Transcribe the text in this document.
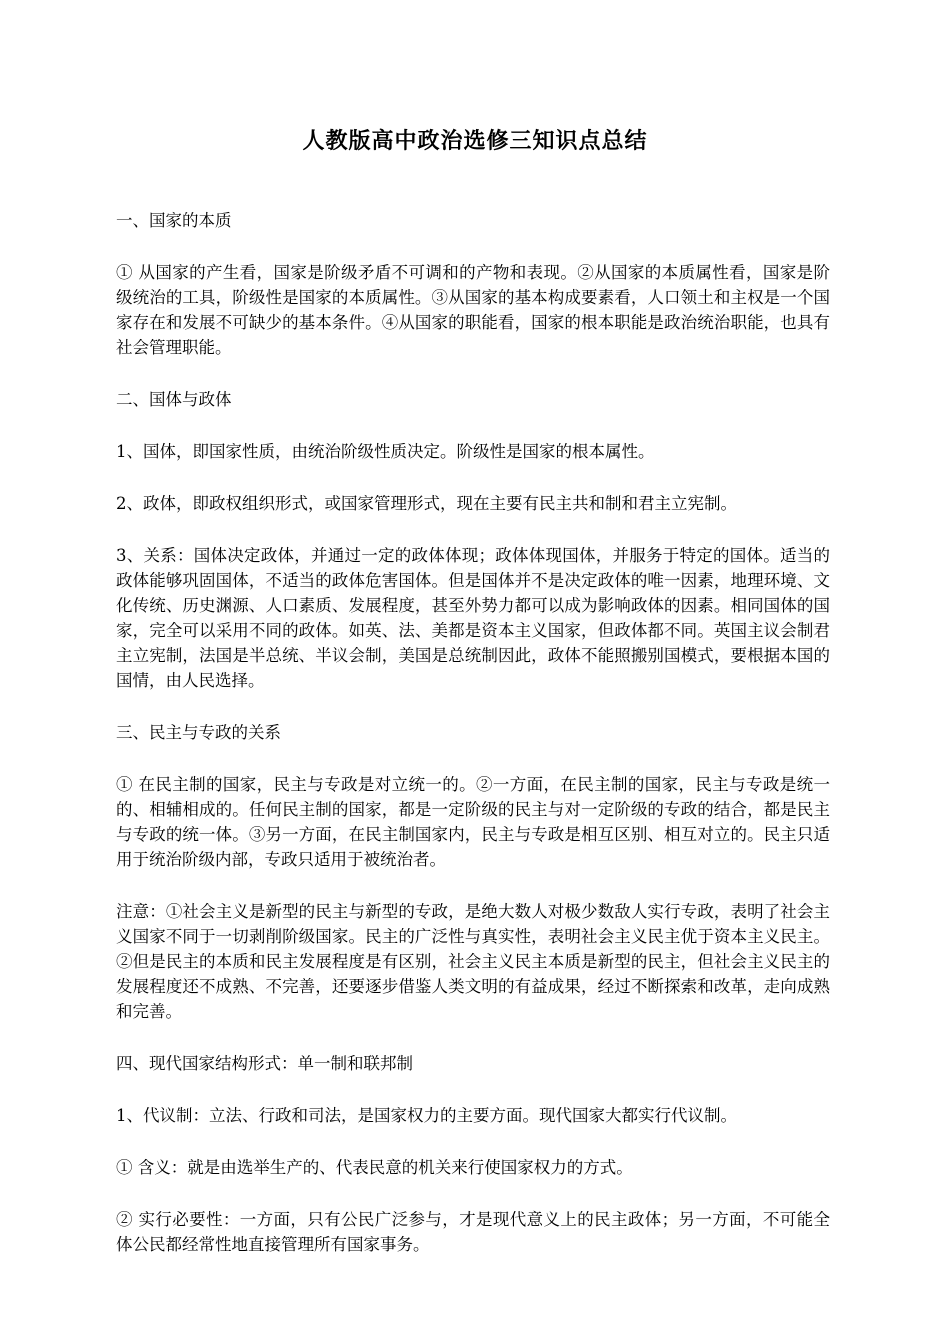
人教版高中政治选修三知识点总结

一、国家的本质

① 从国家的产生看，国家是阶级矛盾不可调和的产物和表现。②从国家的本质属性看，国家是阶级统治的工具，阶级性是国家的本质属性。③从国家的基本构成要素看，人口领土和主权是一个国家存在和发展不可缺少的基本条件。④从国家的职能看，国家的根本职能是政治统治职能，也具有社会管理职能。

二、国体与政体

1、国体，即国家性质，由统治阶级性质决定。阶级性是国家的根本属性。

2、政体，即政权组织形式，或国家管理形式，现在主要有民主共和制和君主立宪制。

3、关系：国体决定政体，并通过一定的政体体现；政体体现国体，并服务于特定的国体。适当的政体能够巩固国体，不适当的政体危害国体。但是国体并不是决定政体的唯一因素，地理环境、文化传统、历史渊源、人口素质、发展程度，甚至外势力都可以成为影响政体的因素。相同国体的国家，完全可以采用不同的政体。如英、法、美都是资本主义国家，但政体都不同。英国主议会制君主立宪制，法国是半总统、半议会制，美国是总统制因此，政体不能照搬别国模式，要根据本国的国情，由人民选择。

三、民主与专政的关系

① 在民主制的国家，民主与专政是对立统一的。②一方面，在民主制的国家，民主与专政是统一的、相辅相成的。任何民主制的国家，都是一定阶级的民主与对一定阶级的专政的结合，都是民主与专政的统一体。③另一方面，在民主制国家内，民主与专政是相互区别、相互对立的。民主只适用于统治阶级内部，专政只适用于被统治者。

注意：①社会主义是新型的民主与新型的专政，是绝大数人对极少数敌人实行专政，表明了社会主义国家不同于一切剥削阶级国家。民主的广泛性与真实性，表明社会主义民主优于资本主义民主。②但是民主的本质和民主发展程度是有区别，社会主义民主本质是新型的民主，但社会主义民主的发展程度还不成熟、不完善，还要逐步借鉴人类文明的有益成果，经过不断探索和改革，走向成熟和完善。

四、现代国家结构形式：单一制和联邦制

1、代议制：立法、行政和司法，是国家权力的主要方面。现代国家大都实行代议制。

① 含义：就是由选举生产的、代表民意的机关来行使国家权力的方式。

② 实行必要性：一方面，只有公民广泛参与，才是现代意义上的民主政体；另一方面，不可能全体公民都经常性地直接管理所有国家事务。
